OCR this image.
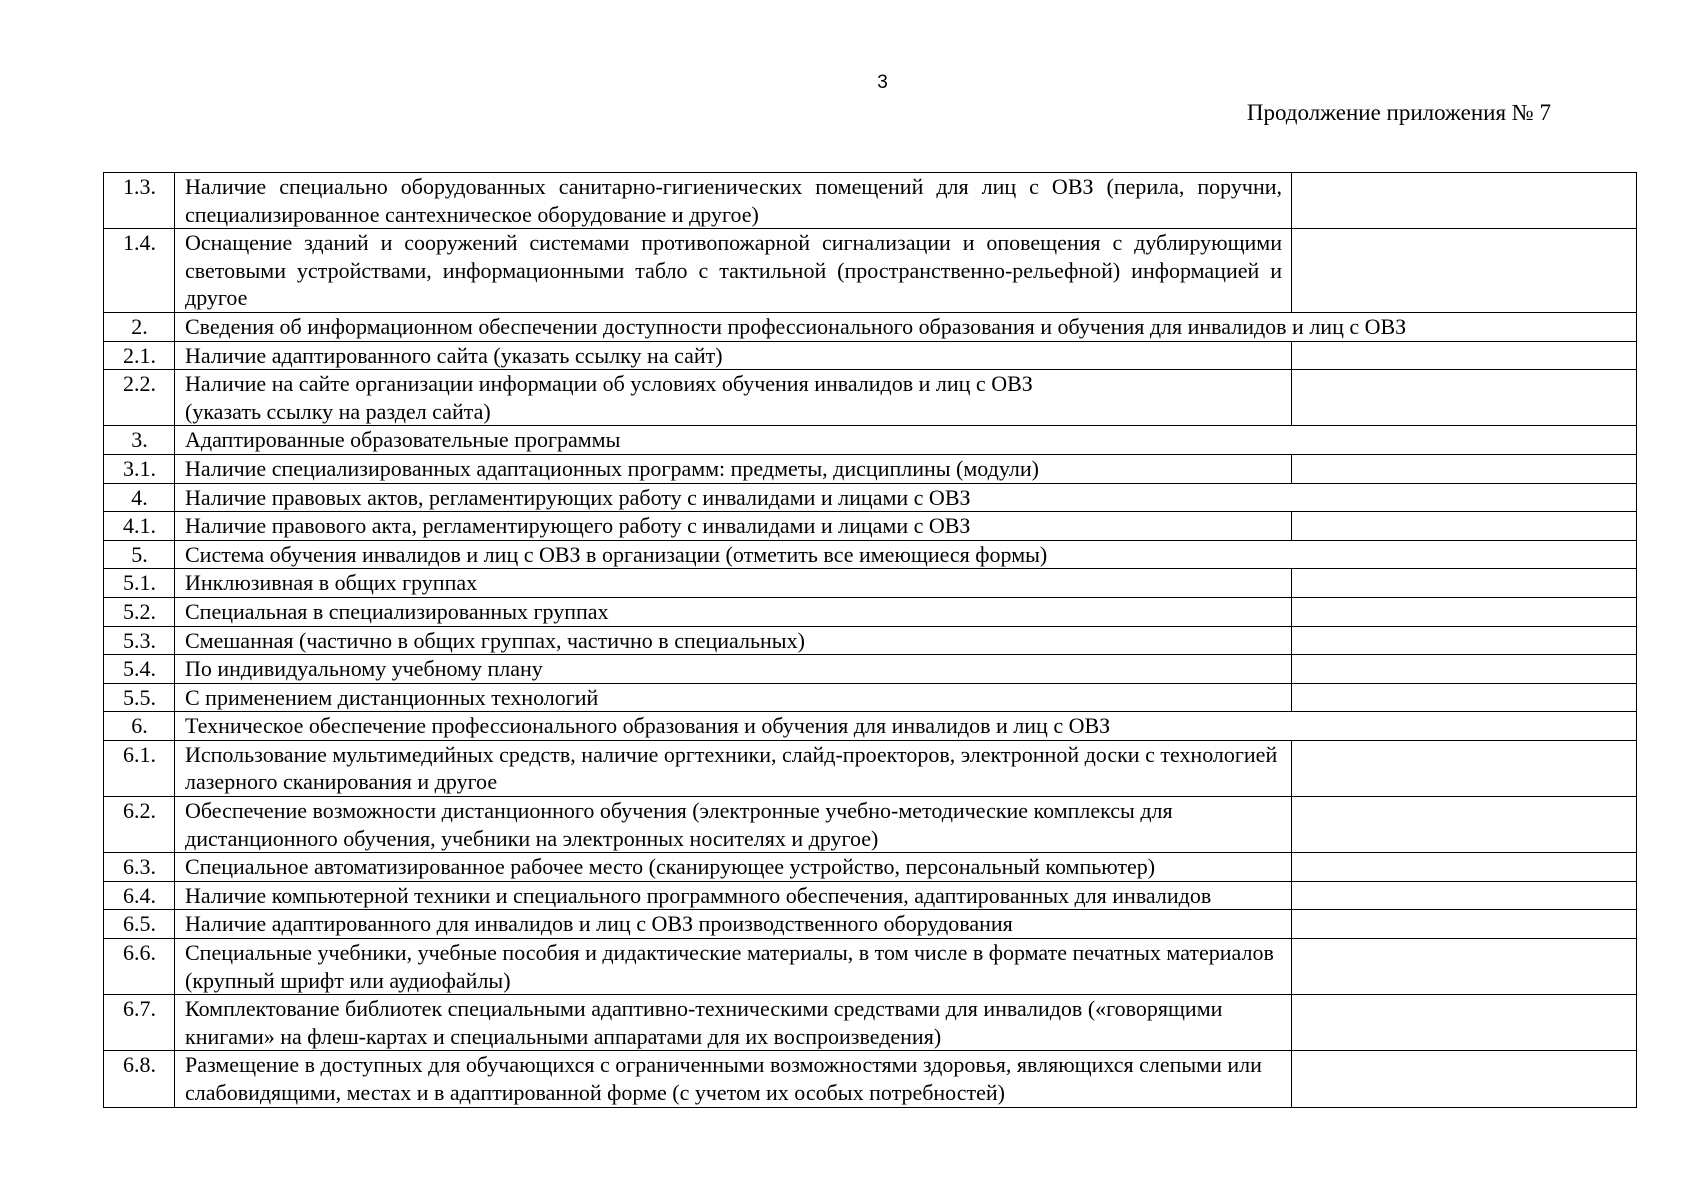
3
Продолжение приложения № 7
1.3.	Наличие специально оборудованных санитарно-гигиенических помещений для лиц с ОВЗ (перила, поручни, специализированное сантехническое оборудование и другое)	
1.4.	Оснащение зданий и сооружений системами противопожарной сигнализации и оповещения с дублирующими световыми устройствами, информационными табло с тактильной (пространственно-рельефной) информацией и другое	
2.	Сведения об информационном обеспечении доступности профессионального образования и обучения для инвалидов и лиц с ОВЗ	
2.1.	Наличие адаптированного сайта (указать ссылку на сайт)	
2.2.	Наличие на сайте организации информации об условиях обучения инвалидов и лиц с ОВЗ
(указать ссылку на раздел сайта)	
3.	Адаптированные образовательные программы	
3.1.	Наличие специализированных адаптационных программ: предметы, дисциплины (модули)	
4.	Наличие правовых актов, регламентирующих работу с инвалидами и лицами с ОВЗ	
4.1.	Наличие правового акта, регламентирующего работу с инвалидами и лицами с ОВЗ	
5.	Система обучения инвалидов и лиц с ОВЗ в организации (отметить все имеющиеся формы)	
5.1.	Инклюзивная в общих группах	
5.2.	Специальная в специализированных группах	
5.3.	Смешанная (частично в общих группах, частично в специальных)	
5.4.	По индивидуальному учебному плану	
5.5.	С применением дистанционных технологий	
6.	Техническое обеспечение профессионального образования и обучения для инвалидов и лиц с ОВЗ	
6.1.	Использование мультимедийных средств, наличие оргтехники, слайд-проекторов, электронной доски с технологией лазерного сканирования и другое	
6.2.	Обеспечение возможности дистанционного обучения (электронные учебно-методические комплексы для дистанционного обучения, учебники на электронных носителях и другое)	
6.3.	Специальное автоматизированное рабочее место (сканирующее устройство, персональный компьютер)	
6.4.	Наличие компьютерной техники и специального программного обеспечения, адаптированных для инвалидов	
6.5.	Наличие адаптированного для инвалидов и лиц с ОВЗ производственного оборудования	
6.6.	Специальные учебники, учебные пособия и дидактические материалы, в том числе в формате печатных материалов (крупный шрифт или аудиофайлы)	
6.7.	Комплектование библиотек специальными адаптивно-техническими средствами для инвалидов («говорящими книгами» на флеш-картах и специальными аппаратами для их воспроизведения)	
6.8.	Размещение в доступных для обучающихся с ограниченными возможностями здоровья, являющихся слепыми или слабовидящими, местах и в адаптированной форме (с учетом их особых потребностей)	
